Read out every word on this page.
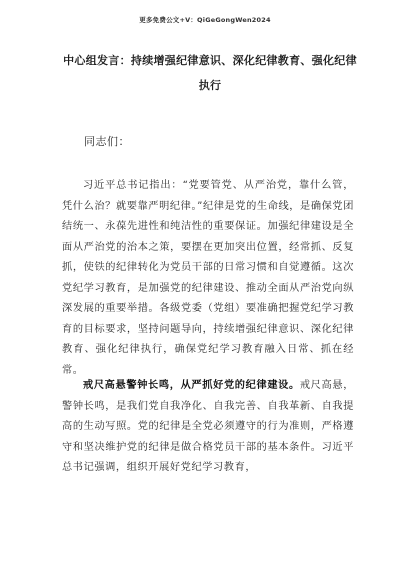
更多免费公文+V：QiGeGongWen2024
中心组发言：持续增强纪律意识、深化纪律教育、强化纪律执行
同志们：
习近平总书记指出：“党要管党、从严治党，靠什么管，凭什么治？就要靠严明纪律。”纪律是党的生命线，是确保党团结统一、永葆先进性和纯洁性的重要保证。加强纪律建设是全面从严治党的治本之策，要摆在更加突出位置，经常抓、反复抓，使铁的纪律转化为党员干部的日常习惯和自觉遵循。这次党纪学习教育，是加强党的纪律建设、推动全面从严治党向纵深发展的重要举措。各级党委（党组）要准确把握党纪学习教育的目标要求，坚持问题导向，持续增强纪律意识、深化纪律教育、强化纪律执行，确保党纪学习教育融入日常、抓在经常。
戒尺高悬警钟长鸣，从严抓好党的纪律建设。戒尺高悬，警钟长鸣，是我们党自我净化、自我完善、自我革新、自我提高的生动写照。党的纪律是全党必须遵守的行为准则，严格遵守和坚决维护党的纪律是做合格党员干部的基本条件。习近平总书记强调，组织开展好党纪学习教育，
